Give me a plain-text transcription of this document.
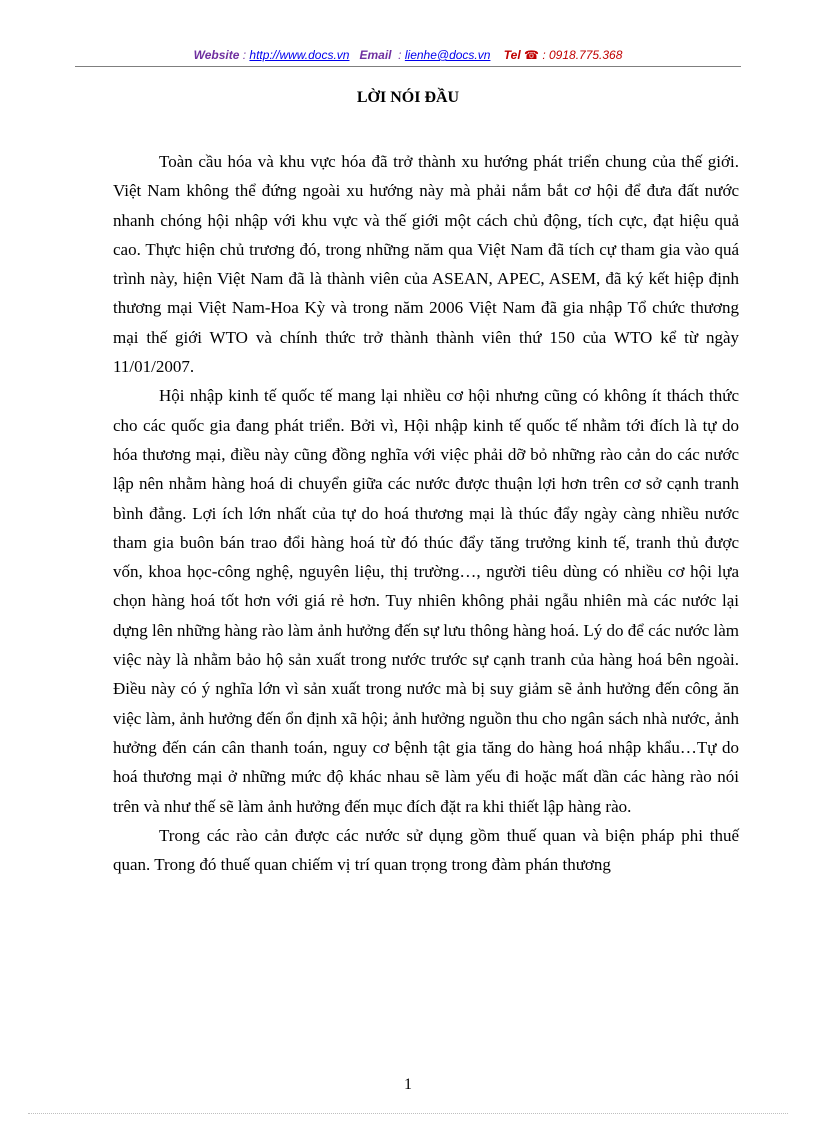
Website : http://www.docs.vn Email : lienhe@docs.vn Tel ☎ : 0918.775.368
LỜI NÓI ĐẦU

Toàn cầu hóa và khu vực hóa đã trở thành xu hướng phát triển chung của thế giới. Việt Nam không thể đứng ngoài xu hướng này mà phải nắm bắt cơ hội để đưa đất nước nhanh chóng hội nhập với khu vực và thế giới một cách chủ động, tích cực, đạt hiệu quả cao. Thực hiện chủ trương đó, trong những năm qua Việt Nam đã tích cự tham gia vào quá trình này, hiện Việt Nam đã là thành viên của ASEAN, APEC, ASEM, đã ký kết hiệp định thương mại Việt Nam-Hoa Kỳ và trong năm 2006 Việt Nam đã gia nhập Tổ chức thương mại thế giới WTO và chính thức trở thành thành viên thứ 150 của WTO kể từ ngày 11/01/2007.

Hội nhập kinh tế quốc tế mang lại nhiều cơ hội nhưng cũng có không ít thách thức cho các quốc gia đang phát triển. Bởi vì, Hội nhập kinh tế quốc tế nhằm tới đích là tự do hóa thương mại, điều này cũng đồng nghĩa với việc phải dỡ bỏ những rào cản do các nước lập nên nhằm hàng hoá di chuyển giữa các nước được thuận lợi hơn trên cơ sở cạnh tranh bình đẳng. Lợi ích lớn nhất của tự do hoá thương mại là thúc đẩy ngày càng nhiều nước tham gia buôn bán trao đổi hàng hoá từ đó thúc đẩy tăng trưởng kinh tế, tranh thủ được vốn, khoa học-công nghệ, nguyên liệu, thị trường…, người tiêu dùng có nhiều cơ hội lựa chọn hàng hoá tốt hơn với giá rẻ hơn. Tuy nhiên không phải ngẫu nhiên mà các nước lại dựng lên những hàng rào làm ảnh hưởng đến sự lưu thông hàng hoá. Lý do để các nước làm việc này là nhằm bảo hộ sản xuất trong nước trước sự cạnh tranh của hàng hoá bên ngoài. Điều này có ý nghĩa lớn vì sản xuất trong nước mà bị suy giảm sẽ ảnh hưởng đến công ăn việc làm, ảnh hưởng đến ổn định xã hội; ảnh hưởng nguồn thu cho ngân sách nhà nước, ảnh hưởng đến cán cân thanh toán, nguy cơ bệnh tật gia tăng do hàng hoá nhập khẩu…Tự do hoá thương mại ở những mức độ khác nhau sẽ làm yếu đi hoặc mất dần các hàng rào nói trên và như thế sẽ làm ảnh hưởng đến mục đích đặt ra khi thiết lập hàng rào.

Trong các rào cản được các nước sử dụng gồm thuế quan và biện pháp phi thuế quan. Trong đó thuế quan chiếm vị trí quan trọng trong đàm phán thương

1
